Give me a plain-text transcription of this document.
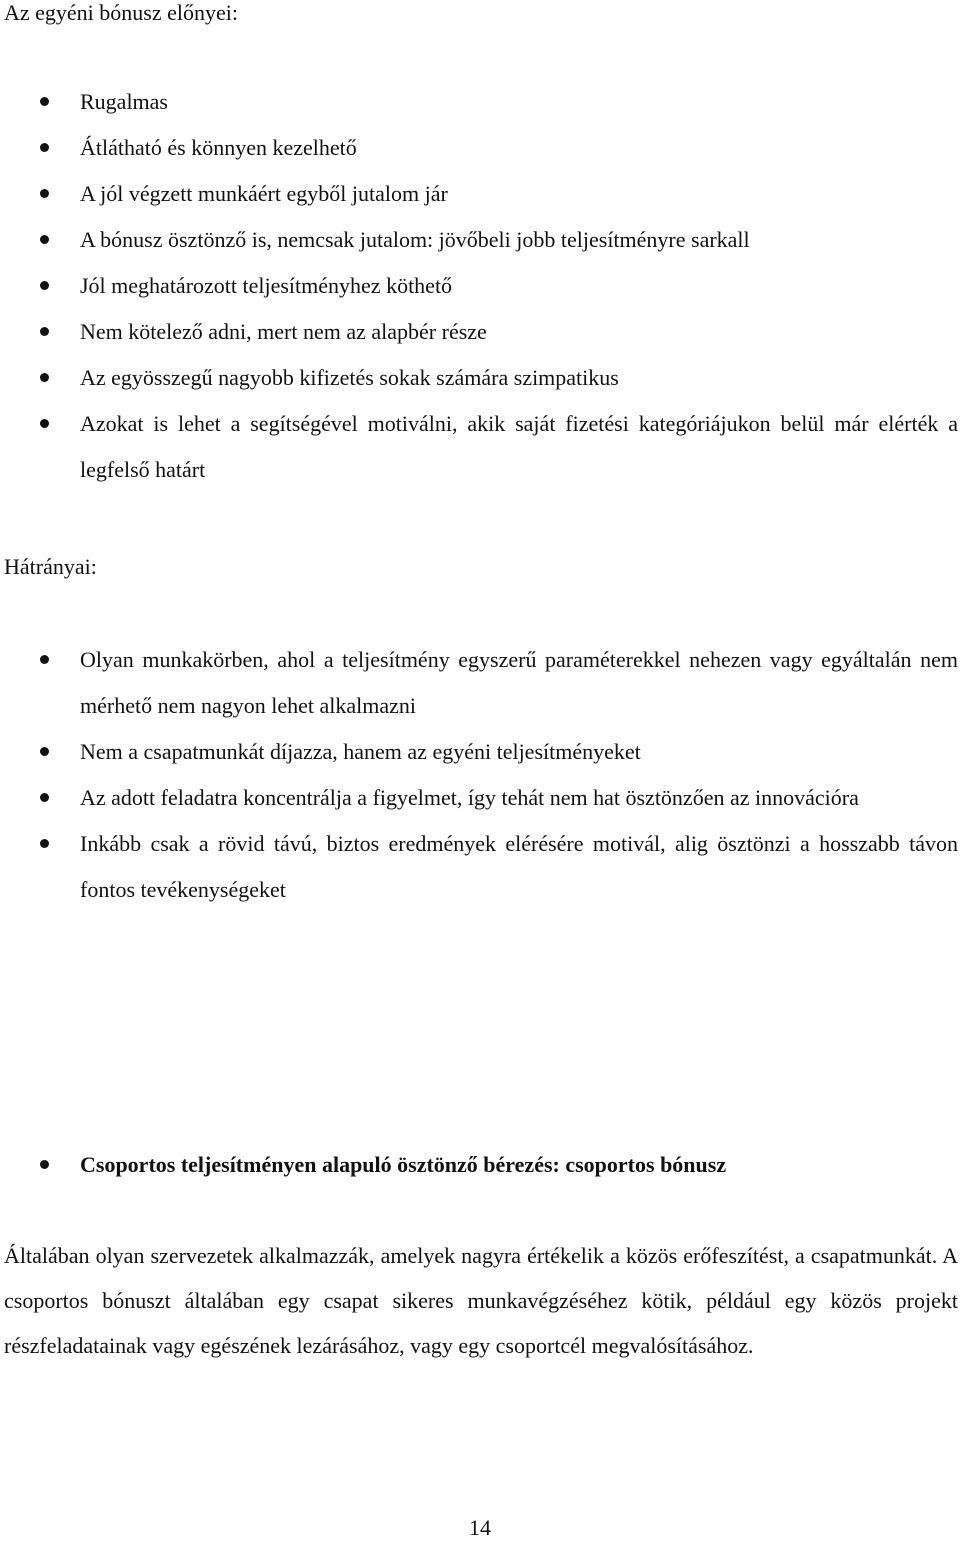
Az egyéni bónusz előnyei:

Rugalmas
Átlátható és könnyen kezelhető
A jól végzett munkáért egyből jutalom jár
A bónusz ösztönző is, nemcsak jutalom: jövőbeli jobb teljesítményre sarkall
Jól meghatározott teljesítményhez köthető
Nem kötelező adni, mert nem az alapbér része
Az egyösszegű nagyobb kifizetés sokak számára szimpatikus
Azokat is lehet a segítségével motiválni, akik saját fizetési kategóriájukon belül már elérték a legfelső határt

Hátrányai:

Olyan munkakörben, ahol a teljesítmény egyszerű paraméterekkel nehezen vagy egyáltalán nem mérhető nem nagyon lehet alkalmazni
Nem a csapatmunkát díjazza, hanem az egyéni teljesítményeket
Az adott feladatra koncentrálja a figyelmet, így tehát nem hat ösztönzően az innovációra
Inkább csak a rövid távú, biztos eredmények elérésére motivál, alig ösztönzi a hosszabb távon fontos tevékenységeket
Csoportos teljesítményen alapuló ösztönző bérezés: csoportos bónusz

Általában olyan szervezetek alkalmazzák, amelyek nagyra értékelik a közös erőfeszítést, a csapatmunkát. A csoportos bónuszt általában egy csapat sikeres munkavégzéséhez kötik, például egy közös projekt részfeladatainak vagy egészének lezárásához, vagy egy csoportcél megvalósításához.

14
